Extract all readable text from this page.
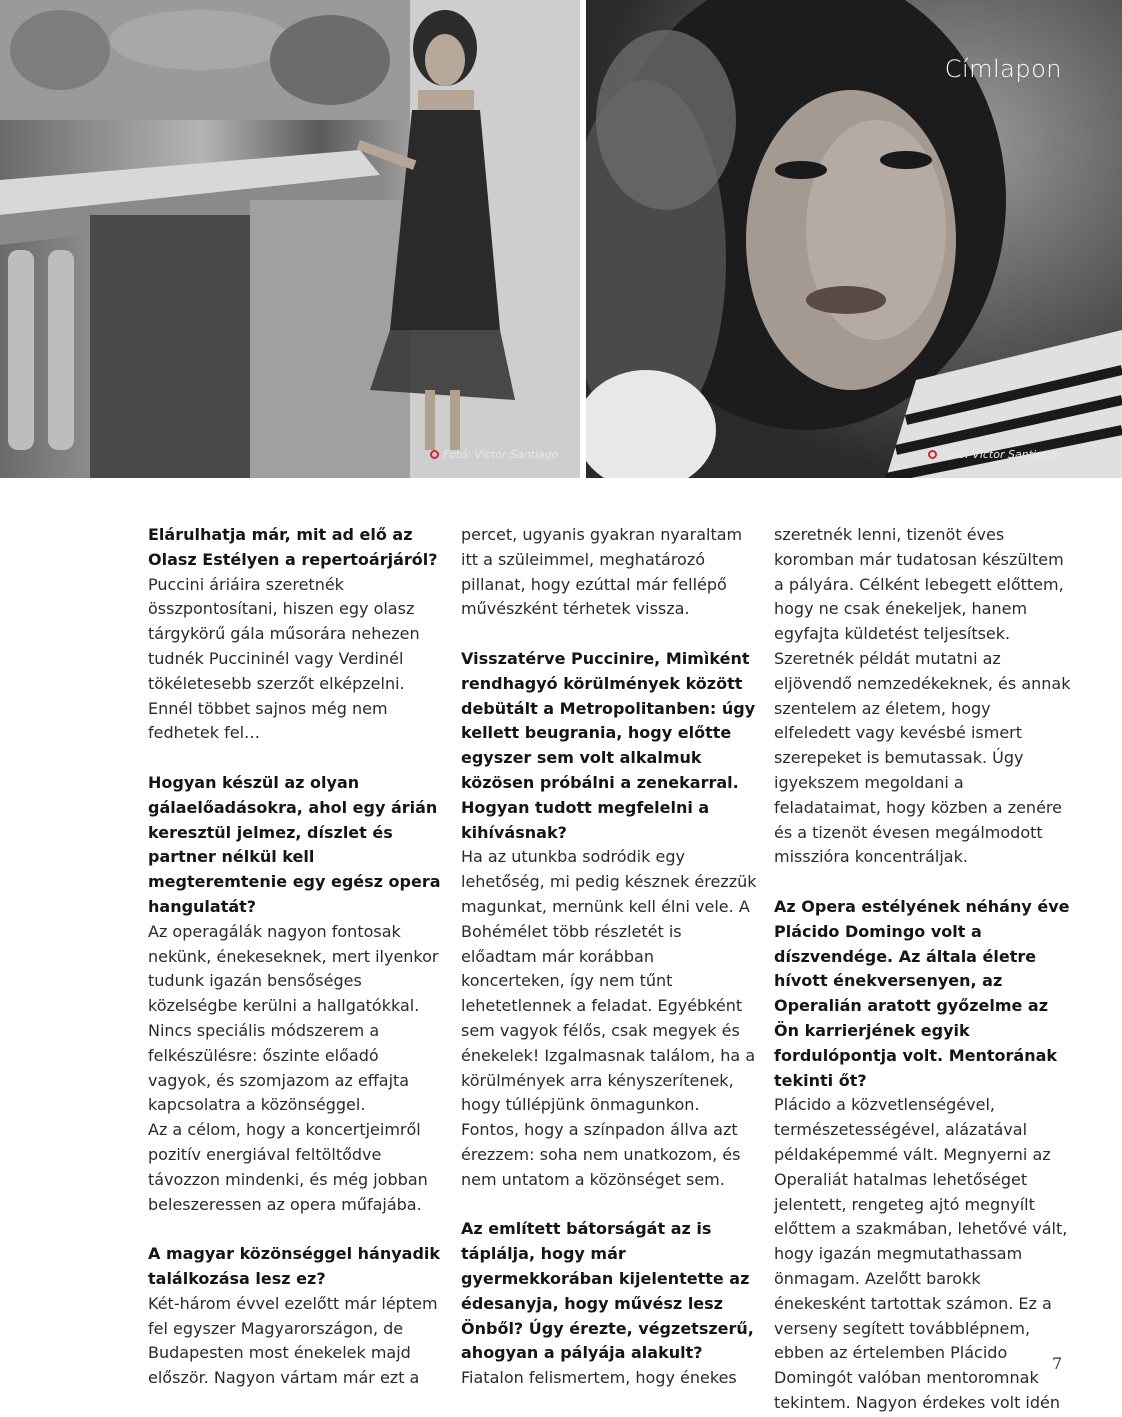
Fotó: Victor Santiago	Fotó: Victor Santiago
Címlapon

Elárulhatja már, mit ad elő az Olasz Estélyen a repertoárjáról?

Puccini áriáira szeretnék összpontosítani, hiszen egy olasz tárgykörű gála műsorára nehezen tudnék Puccininél vagy Verdinél tökéletesebb szerzőt elképzelni. Ennél többet sajnos még nem fedhetek fel…

Hogyan készül az olyan gálaelőadásokra, ahol egy árián keresztül jelmez, díszlet és partner nélkül kell megteremtenie egy egész opera hangulatát?

Az operagálák nagyon fontosak nekünk, énekeseknek, mert ilyenkor tudunk igazán bensőséges közelségbe kerülni a hallgatókkal. Nincs speciális módszerem a felkészülésre: őszinte előadó vagyok, és szomjazom az effajta kapcsolatra a közönséggel.

Az a célom, hogy a koncertjeimről pozitív energiával feltöltődve távozzon mindenki, és még jobban beleszeressen az opera műfajába.

A magyar közönséggel hányadik találkozása lesz ez?

Két-három évvel ezelőtt már léptem fel egyszer Magyarországon, de Budapesten most énekelek majd először. Nagyon vártam már ezt a

percet, ugyanis gyakran nyaraltam itt a szüleimmel, meghatározó pillanat, hogy ezúttal már fellépő művészként térhetek vissza.

Visszatérve Puccinire, Mimìként rendhagyó körülmények között debütált a Metropolitanben: úgy kellett beugrania, hogy előtte egyszer sem volt alkalmuk közösen próbálni a zenekarral. Hogyan tudott megfelelni a kihívásnak?

Ha az utunkba sodródik egy lehetőség, mi pedig késznek érezzük magunkat, mernünk kell élni vele. A Bohémélet több részletét is előadtam már korábban koncerteken, így nem tűnt lehetetlennek a feladat. Egyébként sem vagyok félős, csak megyek és énekelek! Izgalmasnak találom, ha a körülmények arra kényszerítenek, hogy túllépjünk önmagunkon. Fontos, hogy a színpadon állva azt érezzem: soha nem unatkozom, és nem untatom a közönséget sem.

Az említett bátorságát az is táplálja, hogy már gyermekkorában kijelentette az édesanyja, hogy művész lesz Önből? Úgy érezte, végzetszerű, ahogyan a pályája alakult?

Fiatalon felismertem, hogy énekes

szeretnék lenni, tizenöt éves koromban már tudatosan készültem a pályára. Célként lebegett előttem, hogy ne csak énekeljek, hanem egyfajta küldetést teljesítsek. Szeretnék példát mutatni az eljövendő nemzedékeknek, és annak szentelem az életem, hogy elfeledett vagy kevésbé ismert szerepeket is bemutassak. Úgy igyekszem megoldani a feladataimat, hogy közben a zenére és a tizenöt évesen megálmodott misszióra koncentráljak.

Az Opera estélyének néhány éve Plácido Domingo volt a díszvendége. Az általa életre hívott énekversenyen, az Operalián aratott győzelme az Ön karrierjének egyik fordulópontja volt. Mentorának tekinti őt?

Plácido a közvetlenségével, természetességével, alázatával példaképemmé vált. Megnyerni az Operaliát hatalmas lehetőséget jelentett, rengeteg ajtó megnyílt előttem a szakmában, lehetővé vált, hogy igazán megmutathassam önmagam. Azelőtt barokk énekesként tartottak számon. Ez a verseny segített továbblépnem, ebben az értelemben Plácido Domingót valóban mentoromnak tekintem. Nagyon érdekes volt idén

7
